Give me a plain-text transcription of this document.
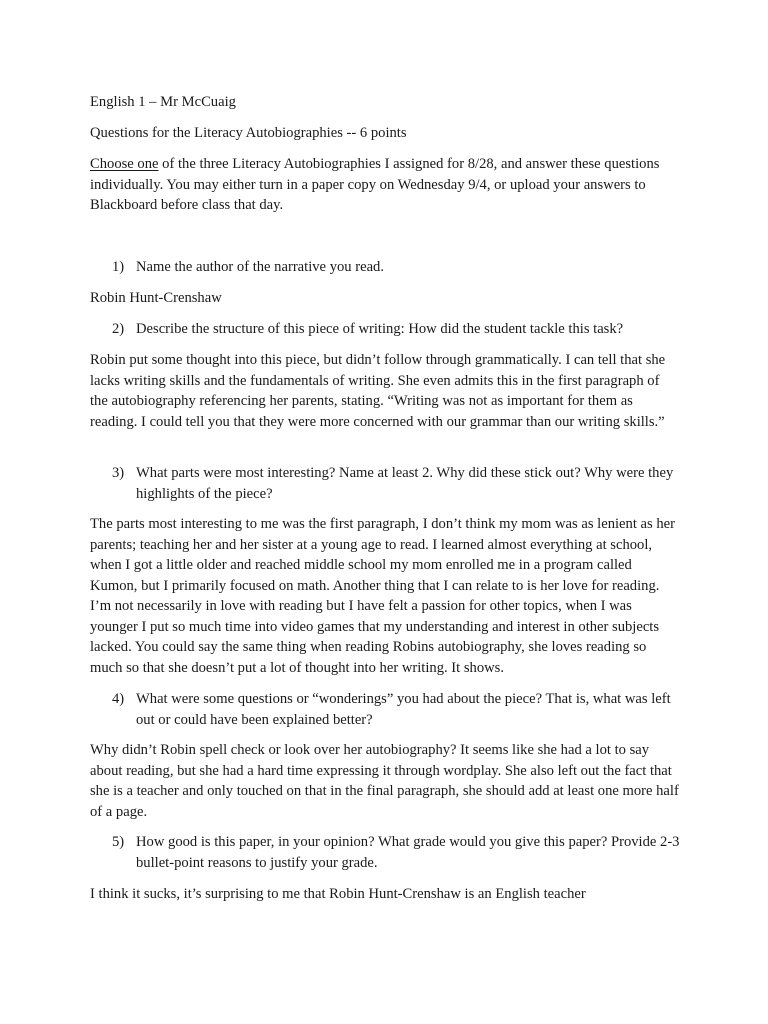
English 1 – Mr McCuaig

Questions for the Literacy Autobiographies -- 6 points

Choose one of the three Literacy Autobiographies I assigned for 8/28, and answer these questions individually. You may either turn in a paper copy on Wednesday 9/4, or upload your answers to Blackboard before class that day.

1) Name the author of the narrative you read.

Robin Hunt-Crenshaw

2) Describe the structure of this piece of writing: How did the student tackle this task?

Robin put some thought into this piece, but didn’t follow through grammatically. I can tell that she lacks writing skills and the fundamentals of writing. She even admits this in the first paragraph of the autobiography referencing her parents, stating. “Writing was not as important for them as reading. I could tell you that they were more concerned with our grammar than our writing skills.”

3) What parts were most interesting? Name at least 2. Why did these stick out? Why were they highlights of the piece?

The parts most interesting to me was the first paragraph, I don’t think my mom was as lenient as her parents; teaching her and her sister at a young age to read. I learned almost everything at school, when I got a little older and reached middle school my mom enrolled me in a program called Kumon, but I primarily focused on math. Another thing that I can relate to is her love for reading. I’m not necessarily in love with reading but I have felt a passion for other topics, when I was younger I put so much time into video games that my understanding and interest in other subjects lacked. You could say the same thing when reading Robins autobiography, she loves reading so much so that she doesn’t put a lot of thought into her writing. It shows.

4) What were some questions or “wonderings” you had about the piece? That is, what was left out or could have been explained better?

Why didn’t Robin spell check or look over her autobiography? It seems like she had a lot to say about reading, but she had a hard time expressing it through wordplay. She also left out the fact that she is a teacher and only touched on that in the final paragraph, she should add at least one more half of a page.

5) How good is this paper, in your opinion? What grade would you give this paper? Provide 2-3 bullet-point reasons to justify your grade.

I think it sucks, it’s surprising to me that Robin Hunt-Crenshaw is an English teacher
